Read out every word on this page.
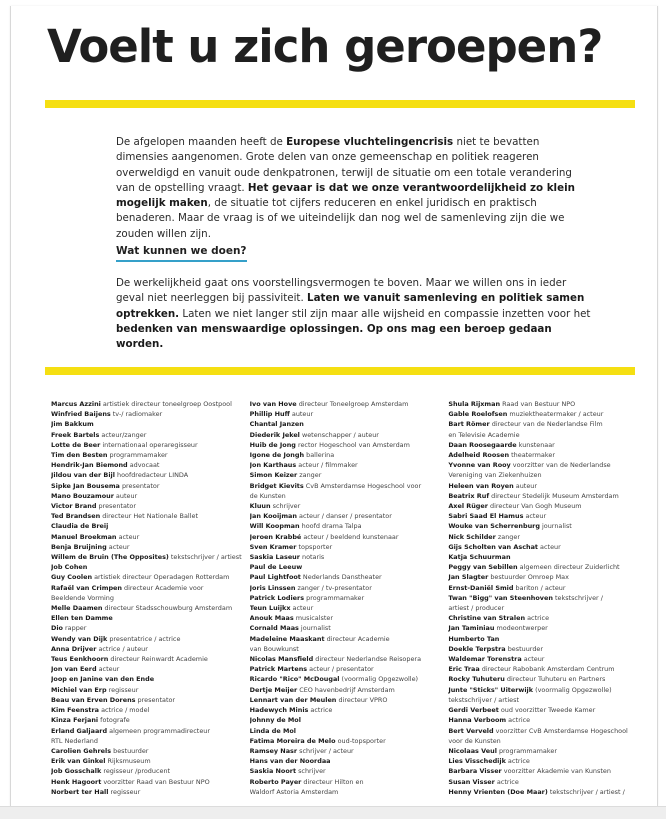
Voelt u zich geroepen?
De afgelopen maanden heeft de Europese vluchtelingencrisis niet te bevatten dimensies aangenomen. Grote delen van onze gemeenschap en politiek reageren overweldigd en vanuit oude denkpatronen, terwijl de situatie om een totale verandering van de opstelling vraagt. Het gevaar is dat we onze verantwoordelijkheid zo klein mogelijk maken, de situatie tot cijfers reduceren en enkel juridisch en praktisch benaderen. Maar de vraag is of we uiteindelijk dan nog wel de samenleving zijn die we zouden willen zijn.
Wat kunnen we doen?
De werkelijkheid gaat ons voorstellingsvermogen te boven. Maar we willen ons in ieder geval niet neerleggen bij passiviteit. Laten we vanuit samenleving en politiek samen optrekken. Laten we niet langer stil zijn maar alle wijsheid en compassie inzetten voor het bedenken van menswaardige oplossingen. Op ons mag een beroep gedaan worden.
Marcus Azzini artistiek directeur toneelgroep Oostpool
Winfried Baijens tv-/ radiomaker
Jim Bakkum
Freek Bartels acteur/zanger
Lotte de Beer internationaal operaregisseur
Tim den Besten programmamaker
Hendrik-Jan Biemond advocaat
Jildou van der Bijl hoofdredacteur LINDA
Sipke Jan Bousema presentator
Mano Bouzamour auteur
Victor Brand presentator
Ted Brandsen directeur Het Nationale Ballet
Claudia de Breij
Manuel Broekman acteur
Benja Bruijning acteur
Willem de Bruin (The Opposites) tekstschrijver / artiest
Job Cohen
Guy Coolen artistiek directeur Operadagen Rotterdam
Rafaël van Crimpen directeur Academie voor
Beeldende Vorming
Melle Daamen directeur Stadsschouwburg Amsterdam
Ellen ten Damme
Dio rapper
Wendy van Dijk presentatrice / actrice
Anna Drijver actrice / auteur
Teus Eenkhoorn directeur Reinwardt Academie
Jon van Eerd acteur
Joop en Janine van den Ende
Michiel van Erp regisseur
Beau van Erven Dorens presentator
Kim Feenstra actrice / model
Kinza Ferjani fotografe
Erland Galjaard algemeen programmadirecteur
RTL Nederland
Carolien Gehrels bestuurder
Erik van Ginkel Rijksmuseum
Job Gosschalk regisseur /producent
Henk Hagoort voorzitter Raad van Bestuur NPO
Norbert ter Hall regisseur
Ivo van Hove directeur Toneelgroep Amsterdam
Phillip Huff auteur
Chantal Janzen
Diederik Jekel wetenschapper / auteur
Huib de Jong rector Hogeschool van Amsterdam
Igone de Jongh ballerina
Jon Karthaus acteur / filmmaker
Simon Keizer zanger
Bridget Kievits CvB Amsterdamse Hogeschool voor
de Kunsten
Kluun schrijver
Jan Kooijman acteur / danser / presentator
Will Koopman hoofd drama Talpa
Jeroen Krabbé acteur / beeldend kunstenaar
Sven Kramer topsporter
Saskia Laseur notaris
Paul de Leeuw
Paul Lightfoot Nederlands Danstheater
Joris Linssen zanger / tv-presentator
Patrick Lodiers programmamaker
Teun Luijkx acteur
Anouk Maas musicalster
Cornald Maas journalist
Madeleine Maaskant directeur Academie
van Bouwkunst
Nicolas Mansfield directeur Nederlandse Reisopera
Patrick Martens acteur / presentator
Ricardo "Rico" McDougal (voormalig Opgezwolle)
Dertje Meijer CEO havenbedrijf Amsterdam
Lennart van der Meulen directeur VPRO
Hadewych Minis actrice
Johnny de Mol
Linda de Mol
Fatima Moreira de Melo oud-topsporter
Ramsey Nasr schrijver / acteur
Hans van der Noordaa
Saskia Noort schrijver
Roberto Payer directeur Hilton en
Waldorf Astoria Amsterdam
Shula Rijxman Raad van Bestuur NPO
Gable Roelofsen muziektheatermaker / acteur
Bart Römer directeur van de Nederlandse Film
en Televisie Academie
Daan Roosegaarde kunstenaar
Adelheid Roosen theatermaker
Yvonne van Rooy voorzitter van de Nederlandse
Vereniging van Ziekenhuizen
Heleen van Royen auteur
Beatrix Ruf directeur Stedelijk Museum Amsterdam
Axel Rüger directeur Van Gogh Museum
Sabri Saad El Hamus acteur
Wouke van Scherrenburg journalist
Nick Schilder zanger
Gijs Scholten van Aschat acteur
Katja Schuurman
Peggy van Sebillen algemeen directeur Zuiderlicht
Jan Slagter bestuurder Omroep Max
Ernst-Daniël Smid bariton / acteur
Twan "Bigg" van Steenhoven tekstschrijver /
artiest / producer
Christine van Stralen actrice
Jan Taminiau modeontwerper
Humberto Tan
Doekle Terpstra bestuurder
Waldemar Torenstra acteur
Eric Traa directeur Rabobank Amsterdam Centrum
Rocky Tuhuteru directeur Tuhuteru en Partners
Junte "Sticks" Uiterwijk (voormalig Opgezwolle)
tekstschrijver / artiest
Gerdi Verbeet oud voorzitter Tweede Kamer
Hanna Verboom actrice
Bert Verveld voorzitter CvB Amsterdamse Hogeschool
voor de Kunsten
Nicolaas Veul programmamaker
Lies Visschedijk actrice
Barbara Visser voorzitter Akademie van Kunsten
Susan Visser actrice
Henny Vrienten (Doe Maar) tekstschrijver / artiest /
